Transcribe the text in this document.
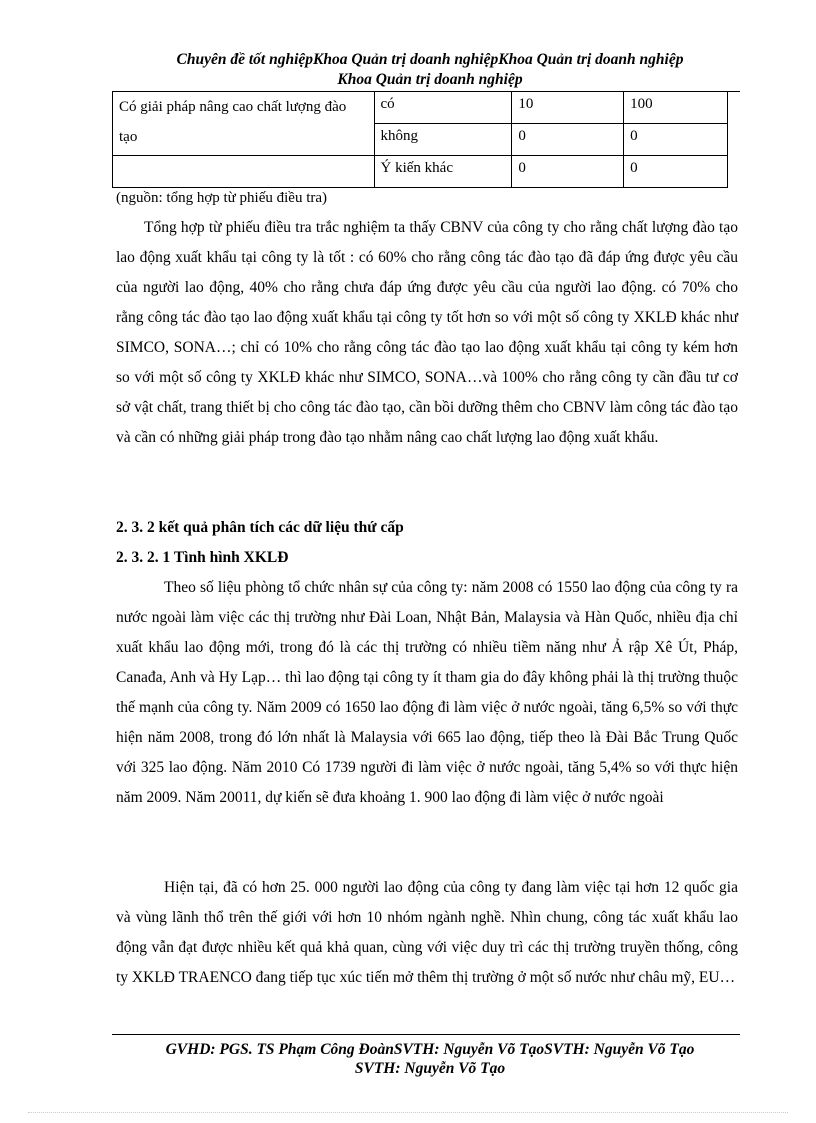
Chuyên đề tốt nghiệpKhoa Quản trị doanh nghiệpKhoa Quản trị doanh nghiệp
Khoa Quản trị doanh nghiệp
Có giải pháp nâng cao chất lượng đào tạo	có	10	100
	không	0	0
	Ý kiến khác	0	0
(nguồn: tổng hợp từ phiếu điều tra)
Tổng hợp từ phiếu điều tra trắc nghiệm ta thấy CBNV của công ty cho rằng chất lượng đào tạo lao động xuất khẩu tại công ty là tốt : có 60% cho rằng công tác đào tạo đã đáp ứng được yêu cầu của người lao động, 40% cho rằng chưa đáp ứng được yêu cầu của người lao động. có 70% cho rằng công tác đào tạo lao động xuất khẩu tại công ty tốt hơn so với một số công ty XKLĐ khác như SIMCO, SONA…; chỉ có 10% cho rằng công tác đào tạo lao động xuất khẩu tại công ty kém hơn so với một số công ty XKLĐ khác như SIMCO, SONA…và 100% cho rằng công ty cần đầu tư cơ sở vật chất, trang thiết bị cho công tác đào tạo, cần bồi dưỡng thêm cho CBNV làm công tác đào tạo và cần có những giải pháp trong đào tạo nhằm nâng cao chất lượng lao động xuất khẩu.
2. 3. 2 kết quả phân tích các dữ liệu thứ cấp
2. 3. 2. 1 Tình hình XKLĐ
Theo số liệu phòng tổ chức nhân sự của công ty: năm 2008 có 1550 lao động của công ty ra nước ngoài làm việc các thị trường như Đài Loan, Nhật Bản, Malaysia và Hàn Quốc, nhiều địa chỉ xuất khẩu lao động mới, trong đó là các thị trường có nhiều tiềm năng như Ả rập Xê Út, Pháp, Canađa, Anh và Hy Lạp… thì lao động tại công ty ít tham gia do đây không phải là thị trường thuộc thế mạnh của công ty. Năm 2009 có 1650 lao động đi làm việc ở nước ngoài, tăng 6,5% so với thực hiện năm 2008, trong đó lớn nhất là Malaysia với 665 lao động, tiếp theo là Đài Bắc Trung Quốc với 325 lao động. Năm 2010 Có 1739 người đi làm việc ở nước ngoài, tăng 5,4% so với thực hiện năm 2009. Năm 20011, dự kiến sẽ đưa khoảng 1. 900 lao động đi làm việc ở nước ngoài
Hiện tại, đã có hơn 25. 000 người lao động của công ty đang làm việc tại hơn 12 quốc gia và vùng lãnh thổ trên thế giới với hơn 10 nhóm ngành nghề. Nhìn chung, công tác xuất khẩu lao động vẫn đạt được nhiều kết quả khả quan, cùng với việc duy trì các thị trường truyền thống, công ty XKLĐ TRAENCO đang tiếp tục xúc tiến mở thêm thị trường ở một số nước như châu mỹ, EU…
GVHD: PGS. TS Phạm Công ĐoànSVTH: Nguyễn Võ TạoSVTH: Nguyễn Võ Tạo
SVTH: Nguyễn Võ Tạo
